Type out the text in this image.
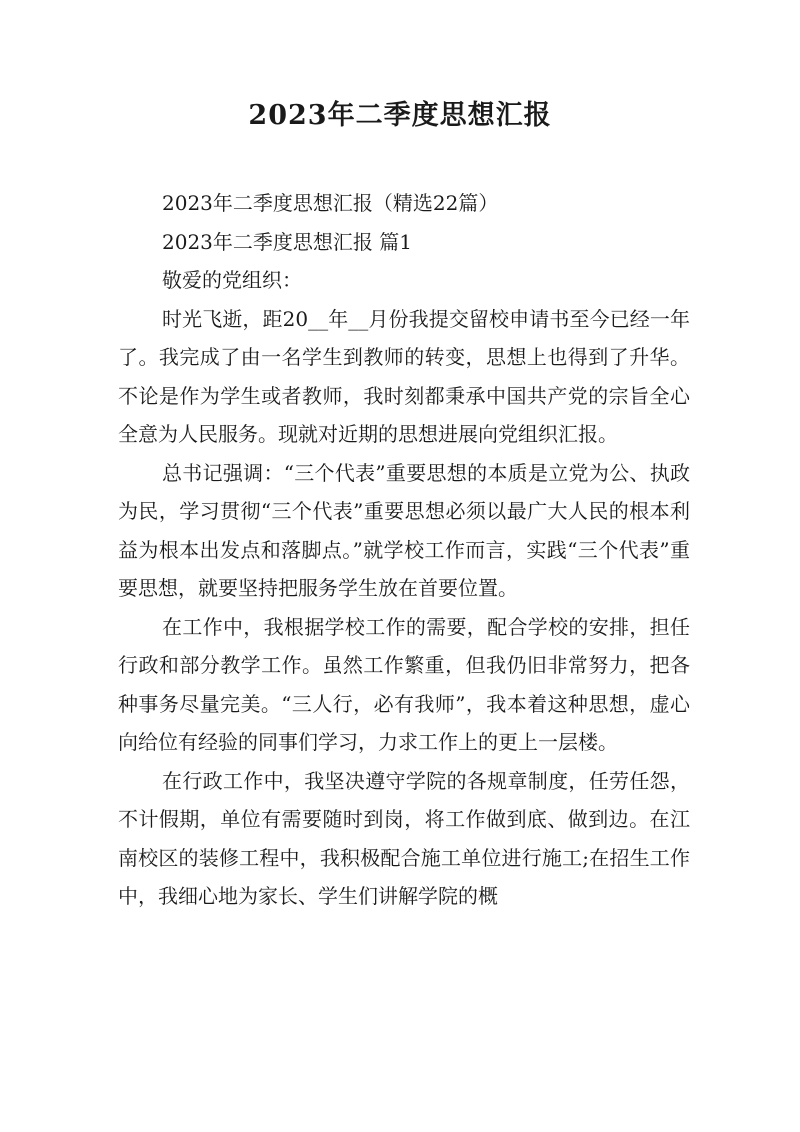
2023年二季度思想汇报

2023年二季度思想汇报（精选22篇）

2023年二季度思想汇报 篇1

敬爱的党组织：

时光飞逝，距20__年__月份我提交留校申请书至今已经一年了。我完成了由一名学生到教师的转变，思想上也得到了升华。不论是作为学生或者教师，我时刻都秉承中国共产党的宗旨全心全意为人民服务。现就对近期的思想进展向党组织汇报。

总书记强调：“三个代表”重要思想的本质是立党为公、执政为民，学习贯彻“三个代表”重要思想必须以最广大人民的根本利益为根本出发点和落脚点。”就学校工作而言，实践“三个代表”重要思想，就要坚持把服务学生放在首要位置。

在工作中，我根据学校工作的需要，配合学校的安排，担任行政和部分教学工作。虽然工作繁重，但我仍旧非常努力，把各种事务尽量完美。“三人行，必有我师”，我本着这种思想，虚心向给位有经验的同事们学习，力求工作上的更上一层楼。

在行政工作中，我坚决遵守学院的各规章制度，任劳任怨，不计假期，单位有需要随时到岗，将工作做到底、做到边。在江南校区的装修工程中，我积极配合施工单位进行施工;在招生工作中，我细心地为家长、学生们讲解学院的概
